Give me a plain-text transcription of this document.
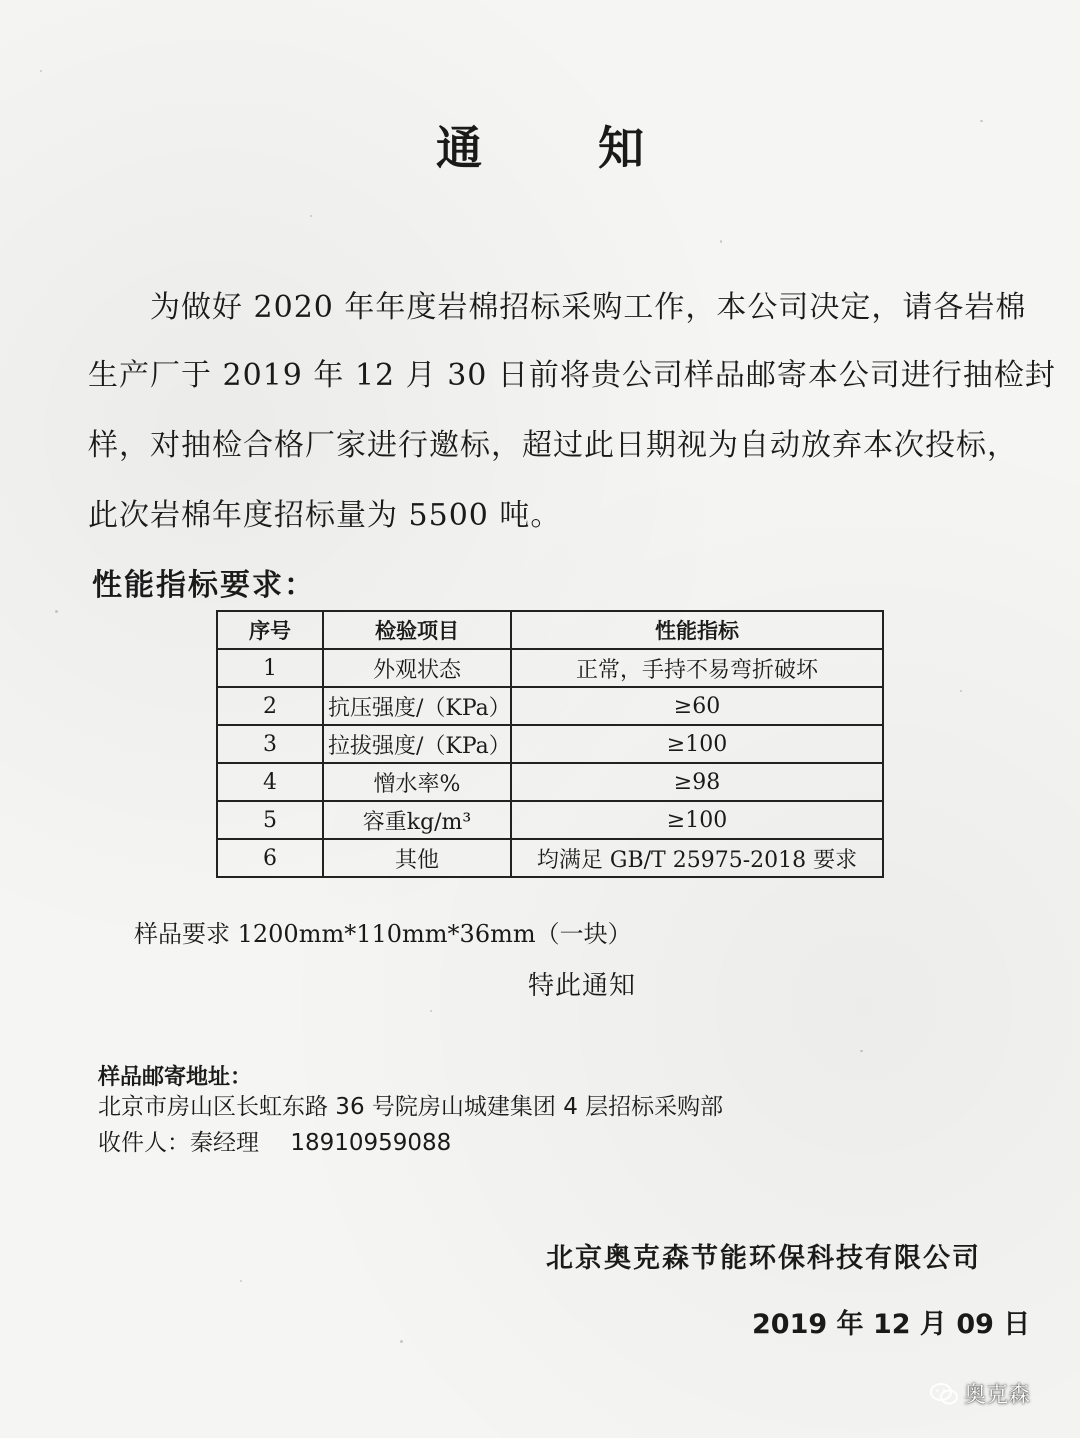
通 知
为做好 2020 年年度岩棉招标采购工作，本公司决定，请各岩棉
生产厂于 2019 年 12 月 30 日前将贵公司样品邮寄本公司进行抽检封
样，对抽检合格厂家进行邀标，超过此日期视为自动放弃本次投标，
此次岩棉年度招标量为 5500 吨。
性能指标要求：
序号	检验项目	性能指标
1	外观状态	正常，手持不易弯折破坏
2	抗压强度/（KPa）	≥60
3	拉拔强度/（KPa）	≥100
4	憎水率%	≥98
5	容重kg/m³	≥100
6	其他	均满足 GB/T 25975-2018 要求
样品要求 1200mm*110mm*36mm（一块）
特此通知
样品邮寄地址：
北京市房山区长虹东路 36 号院房山城建集团 4 层招标采购部
收件人：秦经理 18910959088
北京奥克森节能环保科技有限公司
2019 年 12 月 09 日
奥克森
